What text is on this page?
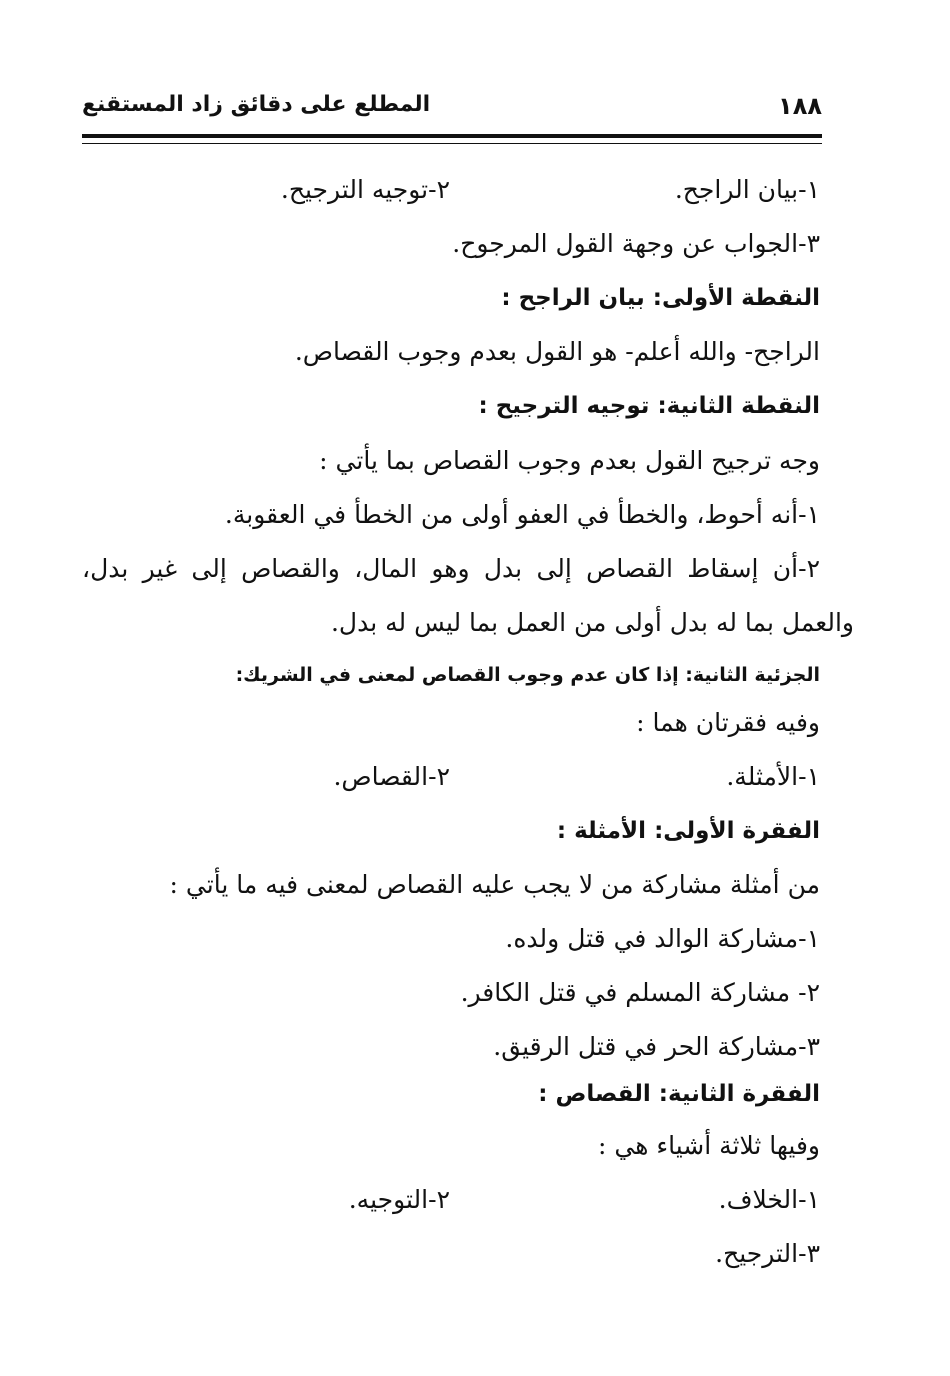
١٨٨
المطلع على دقائق زاد المستقنع
١-بيان الراجح.
٢-توجيه الترجيح.
٣-الجواب عن وجهة القول المرجوح.
النقطة الأولى: بيان الراجح :
الراجح- والله أعلم- هو القول بعدم وجوب القصاص.
النقطة الثانية: توجيه الترجيح :
وجه ترجيح القول بعدم وجوب القصاص بما يأتي :
١-أنه أحوط، والخطأ في العفو أولى من الخطأ في العقوبة.
٢-أن إسقاط القصاص إلى بدل وهو المال، والقصاص إلى غير بدل،
والعمل بما له بدل أولى من العمل بما ليس له بدل.
الجزئية الثانية: إذا كان عدم وجوب القصاص لمعنى في الشريك:
وفيه فقرتان هما :
١-الأمثلة.
٢-القصاص.
الفقرة الأولى: الأمثلة :
من أمثلة مشاركة من لا يجب عليه القصاص لمعنى فيه ما يأتي :
١-مشاركة الوالد في قتل ولده.
٢- مشاركة المسلم في قتل الكافر.
٣-مشاركة الحر في قتل الرقيق.
الفقرة الثانية: القصاص :
وفيها ثلاثة أشياء هي :
١-الخلاف.
٢-التوجيه.
٣-الترجيح.
